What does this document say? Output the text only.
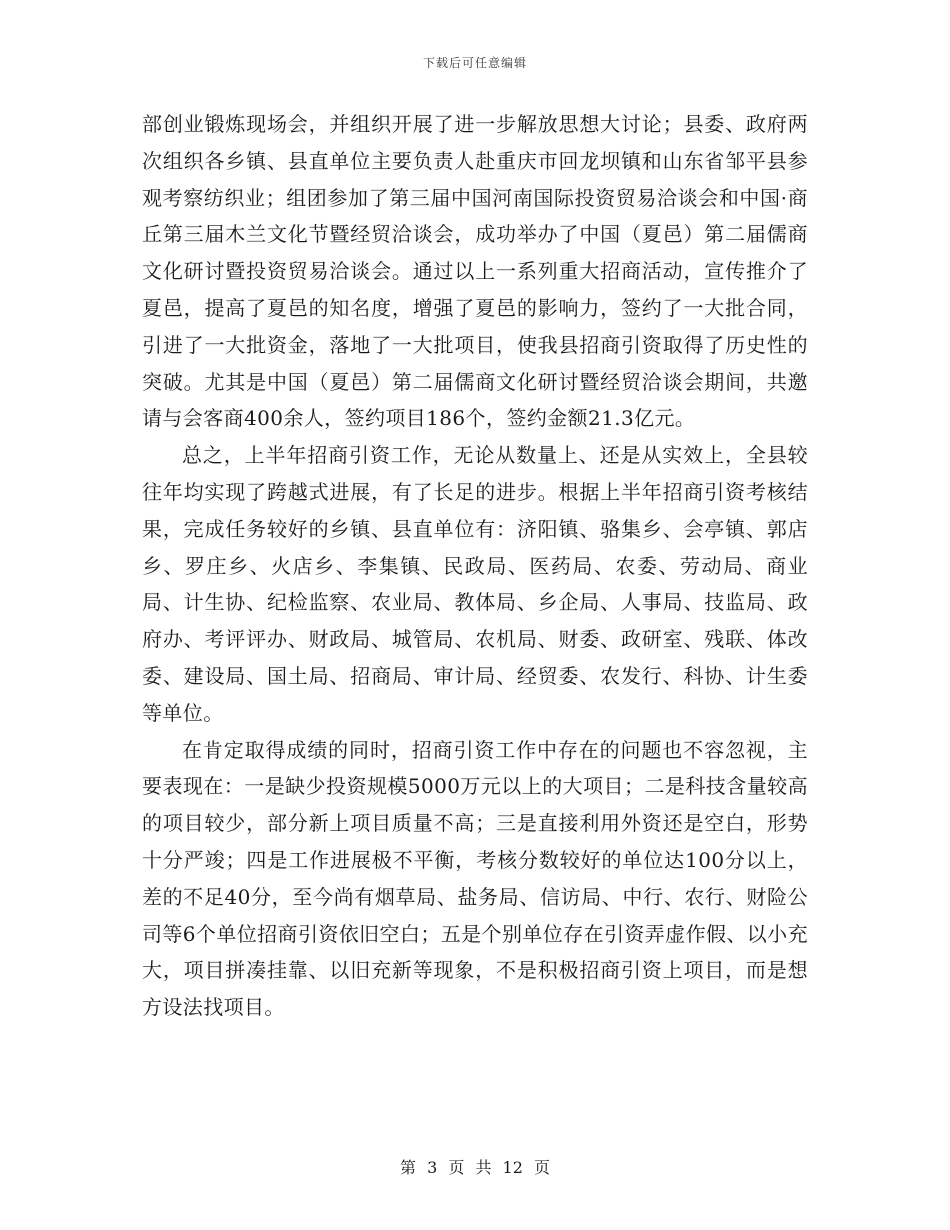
下载后可任意编辑

部创业锻炼现场会，并组织开展了进一步解放思想大讨论；县委、政府两次组织各乡镇、县直单位主要负责人赴重庆市回龙坝镇和山东省邹平县参观考察纺织业；组团参加了第三届中国河南国际投资贸易洽谈会和中国·商丘第三届木兰文化节暨经贸洽谈会，成功举办了中国（夏邑）第二届儒商文化研讨暨投资贸易洽谈会。通过以上一系列重大招商活动，宣传推介了夏邑，提高了夏邑的知名度，增强了夏邑的影响力，签约了一大批合同，引进了一大批资金，落地了一大批项目，使我县招商引资取得了历史性的突破。尤其是中国（夏邑）第二届儒商文化研讨暨经贸洽谈会期间，共邀请与会客商400余人，签约项目186个，签约金额21.3亿元。

总之，上半年招商引资工作，无论从数量上、还是从实效上，全县较往年均实现了跨越式进展，有了长足的进步。根据上半年招商引资考核结果，完成任务较好的乡镇、县直单位有：济阳镇、骆集乡、会亭镇、郭店乡、罗庄乡、火店乡、李集镇、民政局、医药局、农委、劳动局、商业局、计生协、纪检监察、农业局、教体局、乡企局、人事局、技监局、政府办、考评评办、财政局、城管局、农机局、财委、政研室、残联、体改委、建设局、国土局、招商局、审计局、经贸委、农发行、科协、计生委等单位。

在肯定取得成绩的同时，招商引资工作中存在的问题也不容忽视，主要表现在：一是缺少投资规模5000万元以上的大项目；二是科技含量较高的项目较少，部分新上项目质量不高；三是直接利用外资还是空白，形势十分严竣；四是工作进展极不平衡，考核分数较好的单位达100分以上，差的不足40分，至今尚有烟草局、盐务局、信访局、中行、农行、财险公司等6个单位招商引资依旧空白；五是个别单位存在引资弄虚作假、以小充大，项目拼凑挂靠、以旧充新等现象，不是积极招商引资上项目，而是想方设法找项目。

第 3 页 共 12 页
